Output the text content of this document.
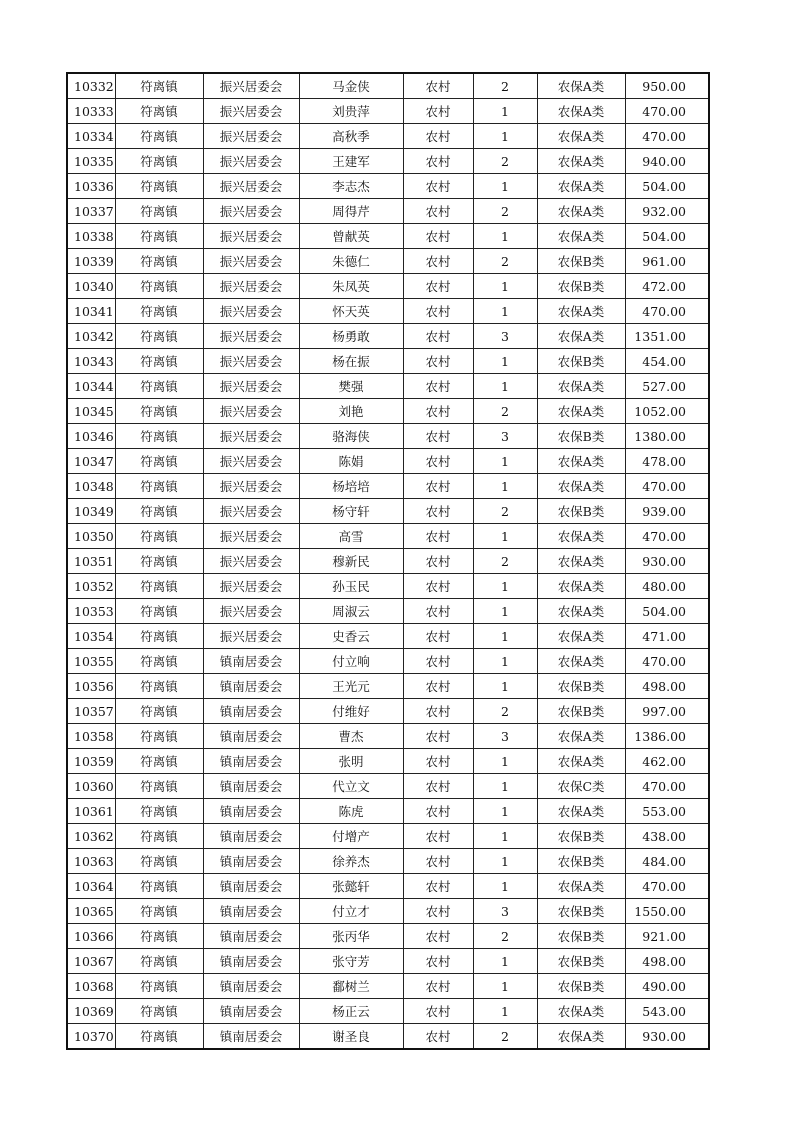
10332	符离镇	振兴居委会	马金侠	农村	2	农保A类	950.00
10333	符离镇	振兴居委会	刘贵萍	农村	1	农保A类	470.00
10334	符离镇	振兴居委会	高秋季	农村	1	农保A类	470.00
10335	符离镇	振兴居委会	王建军	农村	2	农保A类	940.00
10336	符离镇	振兴居委会	李志杰	农村	1	农保A类	504.00
10337	符离镇	振兴居委会	周得芹	农村	2	农保A类	932.00
10338	符离镇	振兴居委会	曾献英	农村	1	农保A类	504.00
10339	符离镇	振兴居委会	朱德仁	农村	2	农保B类	961.00
10340	符离镇	振兴居委会	朱凤英	农村	1	农保B类	472.00
10341	符离镇	振兴居委会	怀天英	农村	1	农保A类	470.00
10342	符离镇	振兴居委会	杨勇敢	农村	3	农保A类	1351.00
10343	符离镇	振兴居委会	杨在振	农村	1	农保B类	454.00
10344	符离镇	振兴居委会	樊强	农村	1	农保A类	527.00
10345	符离镇	振兴居委会	刘艳	农村	2	农保A类	1052.00
10346	符离镇	振兴居委会	骆海侠	农村	3	农保B类	1380.00
10347	符离镇	振兴居委会	陈娟	农村	1	农保A类	478.00
10348	符离镇	振兴居委会	杨培培	农村	1	农保A类	470.00
10349	符离镇	振兴居委会	杨守轩	农村	2	农保B类	939.00
10350	符离镇	振兴居委会	高雪	农村	1	农保A类	470.00
10351	符离镇	振兴居委会	穆新民	农村	2	农保A类	930.00
10352	符离镇	振兴居委会	孙玉民	农村	1	农保A类	480.00
10353	符离镇	振兴居委会	周淑云	农村	1	农保A类	504.00
10354	符离镇	振兴居委会	史香云	农村	1	农保A类	471.00
10355	符离镇	镇南居委会	付立响	农村	1	农保A类	470.00
10356	符离镇	镇南居委会	王光元	农村	1	农保B类	498.00
10357	符离镇	镇南居委会	付维好	农村	2	农保B类	997.00
10358	符离镇	镇南居委会	曹杰	农村	3	农保A类	1386.00
10359	符离镇	镇南居委会	张明	农村	1	农保A类	462.00
10360	符离镇	镇南居委会	代立文	农村	1	农保C类	470.00
10361	符离镇	镇南居委会	陈虎	农村	1	农保A类	553.00
10362	符离镇	镇南居委会	付增产	农村	1	农保B类	438.00
10363	符离镇	镇南居委会	徐养杰	农村	1	农保B类	484.00
10364	符离镇	镇南居委会	张懿轩	农村	1	农保A类	470.00
10365	符离镇	镇南居委会	付立才	农村	3	农保B类	1550.00
10366	符离镇	镇南居委会	张丙华	农村	2	农保B类	921.00
10367	符离镇	镇南居委会	张守芳	农村	1	农保B类	498.00
10368	符离镇	镇南居委会	鄱树兰	农村	1	农保B类	490.00
10369	符离镇	镇南居委会	杨正云	农村	1	农保A类	543.00
10370	符离镇	镇南居委会	谢圣良	农村	2	农保A类	930.00
